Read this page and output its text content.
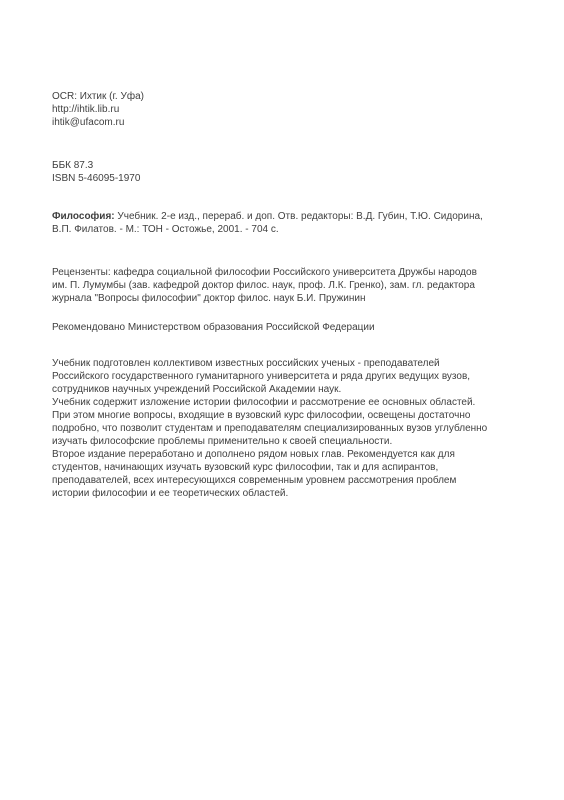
OCR: Ихтик (г. Уфа)
http://ihtik.lib.ru
ihtik@ufacom.ru
ББК 87.3
ISBN 5-46095-1970
Философия: Учебник. 2-е изд., перераб. и доп. Отв. редакторы: В.Д. Губин, Т.Ю. Сидорина,
В.П. Филатов. - М.: ТОН - Остожье, 2001. - 704 с.
Рецензенты: кафедра социальной философии Российского университета Дружбы народов
им. П. Лумумбы (зав. кафедрой доктор филос. наук, проф. Л.К. Гренко), зам. гл. редактора
журнала "Вопросы философии" доктор филос. наук Б.И. Пружинин
Рекомендовано Министерством образования Российской Федерации
Учебник подготовлен коллективом известных российских ученых - преподавателей
Российского государственного гуманитарного университета и ряда других ведущих вузов,
сотрудников научных учреждений Российской Академии наук.
Учебник содержит изложение истории философии и рассмотрение ее основных областей.
При этом многие вопросы, входящие в вузовский курс философии, освещены достаточно
подробно, что позволит студентам и преподавателям специализированных вузов углубленно
изучать философские проблемы применительно к своей специальности.
Второе издание переработано и дополнено рядом новых глав. Рекомендуется как для
студентов, начинающих изучать вузовский курс философии, так и для аспирантов,
преподавателей, всех интересующихся современным уровнем рассмотрения проблем
истории философии и ее теоретических областей.
